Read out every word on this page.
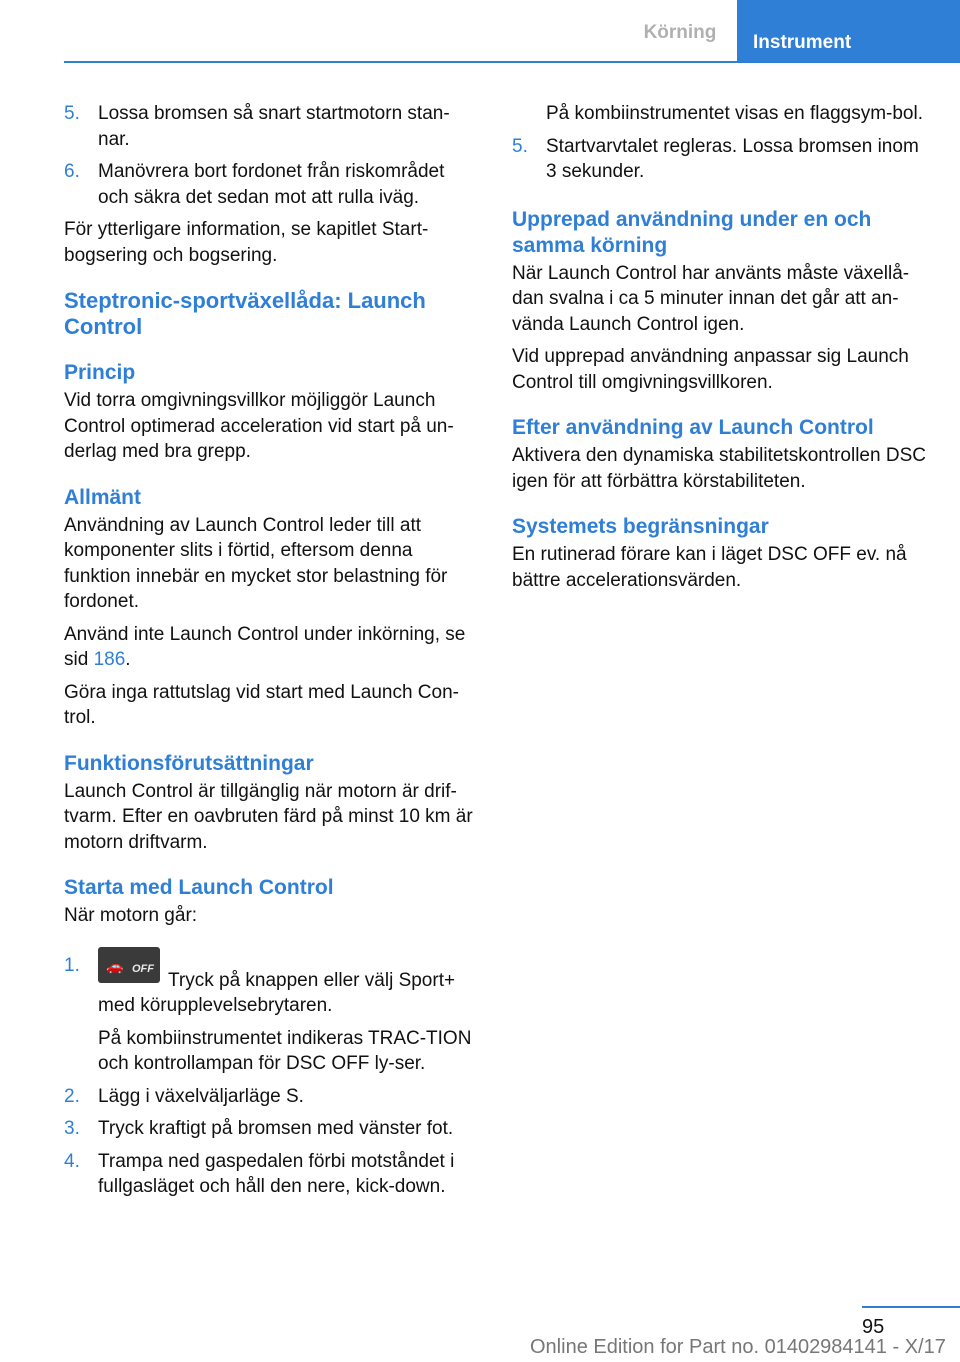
Körning	Instrument
5. Lossa bromsen så snart startmotorn stan‐nar.
6. Manövrera bort fordonet från riskområdet och säkra det sedan mot att rulla iväg.

För ytterligare information, se kapitlet Start‐bogsering och bogsering.

Steptronic-sportväxellåda: Launch Control
Princip

Vid torra omgivningsvillkor möjliggör Launch Control optimerad acceleration vid start på un‐derlag med bra grepp.

Allmänt

Användning av Launch Control leder till att komponenter slits i förtid, eftersom denna funktion innebär en mycket stor belastning för fordonet.

Använd inte Launch Control under inkörning, se sid 186.

Göra inga rattutslag vid start med Launch Con‐trol.

Funktionsförutsättningar

Launch Control är tillgänglig när motorn är drif‐tvarm. Efter en oavbruten färd på minst 10 km är motorn driftvarm.

Starta med Launch Control

När motorn går:

1. 🚗 OFF
Tryck på knappen eller välj Sport+ med körupplevelsebrytaren.

På kombiinstrumentet indikeras TRAC‐TION och kontrollampan för DSC OFF ly‐ser.

2. Lägg i växelväljarläge S.
3. Tryck kraftigt på bromsen med vänster fot.
4. Trampa ned gaspedalen förbi motståndet i fullgasläget och håll den nere, kick-down.

På kombiinstrumentet visas en flaggsym‐bol.

5. Startvarvtalet regleras. Lossa bromsen inom 3 sekunder.
Upprepad användning under en och samma körning

När Launch Control har använts måste växellå‐dan svalna i ca 5 minuter innan det går att an‐vända Launch Control igen.

Vid upprepad användning anpassar sig Launch Control till omgivningsvillkoren.

Efter användning av Launch Control

Aktivera den dynamiska stabilitetskontrollen DSC igen för att förbättra körstabiliteten.

Systemets begränsningar

En rutinerad förare kan i läget DSC OFF ev. nå bättre accelerationsvärden.

95
Online Edition for Part no. 01402984141 - X/17
